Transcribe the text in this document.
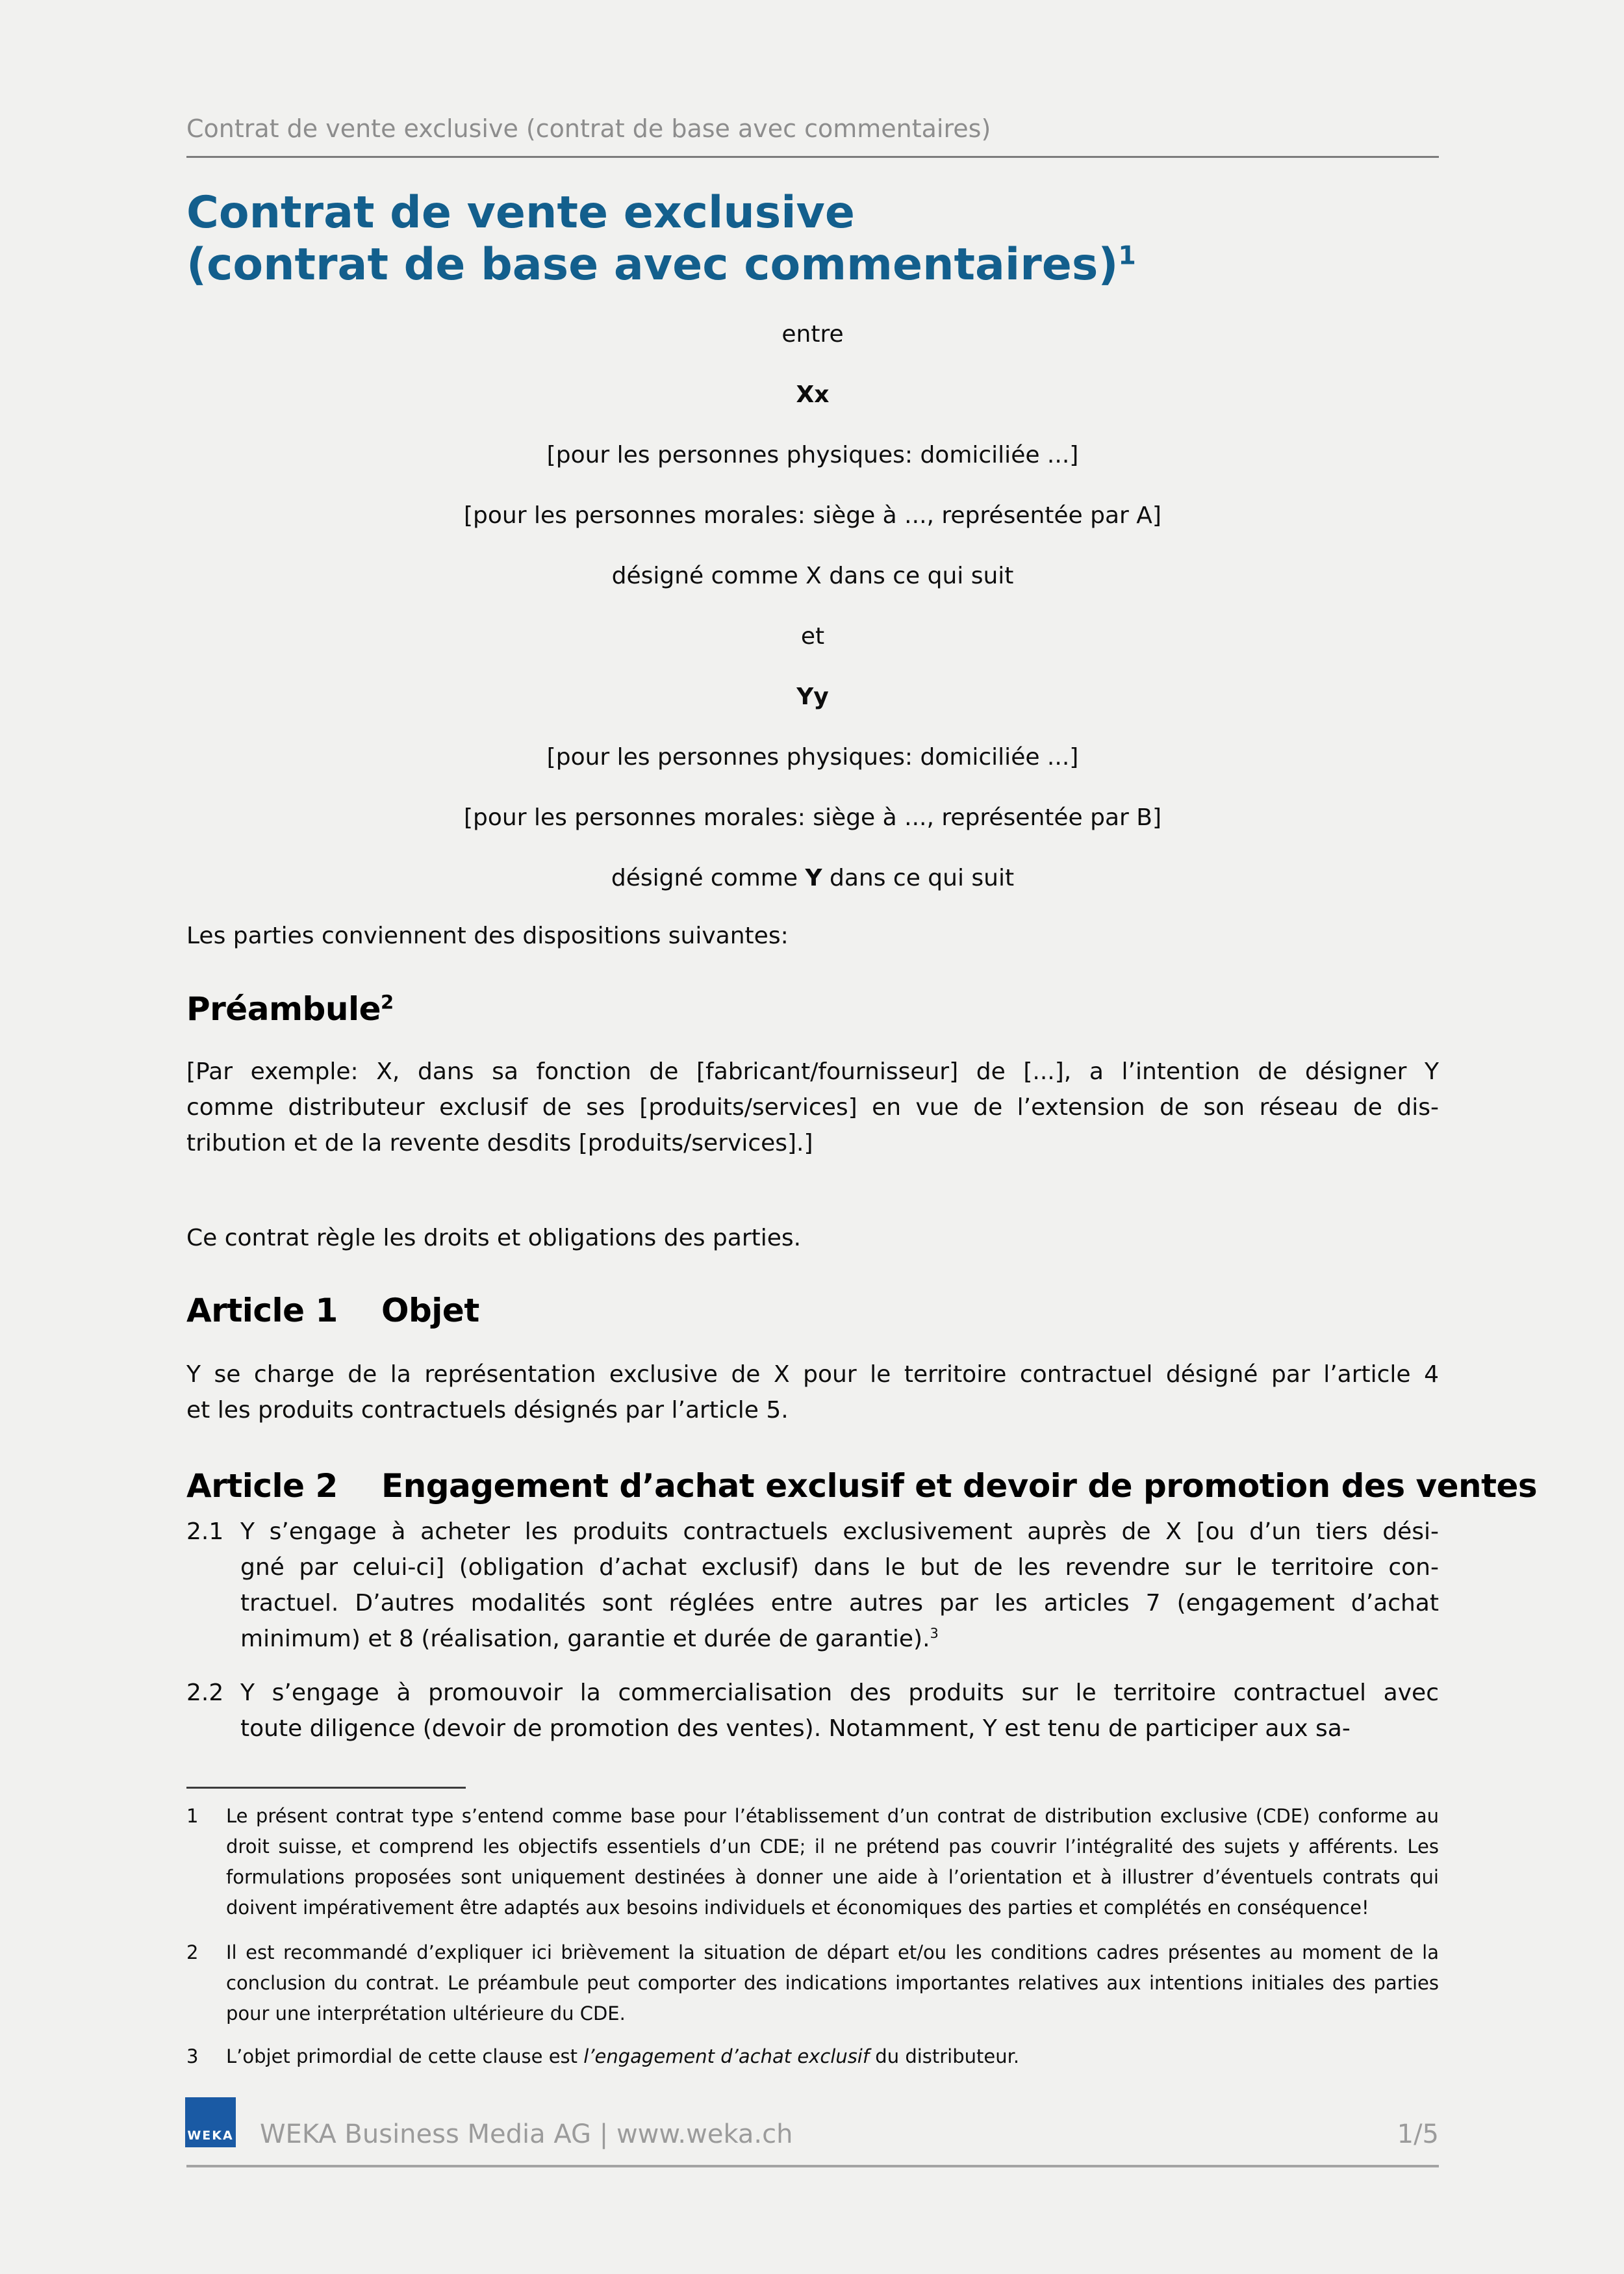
Contrat de vente exclusive (contrat de base avec commentaires)
Contrat de vente exclusive
(contrat de base avec commentaires)$^1$
entre
Xx
[pour les personnes physiques: domiciliée ...]
[pour les personnes morales: siège à ..., représentée par A]
désigné comme X dans ce qui suit
et
Yy
[pour les personnes physiques: domiciliée ...]
[pour les personnes morales: siège à ..., représentée par B]
désigné comme Y dans ce qui suit
Les parties conviennent des dispositions suivantes:
Préambule$^2$
[Par exemple: X, dans sa fonction de [fabricant/fournisseur] de [...], a l’intention de désigner Y
comme distributeur exclusif de ses [produits/services] en vue de l’extension de son réseau de dis-
tribution et de la revente desdits [produits/services].]
Ce contrat règle les droits et obligations des parties.
Article 1 Objet
Y se charge de la représentation exclusive de X pour le territoire contractuel désigné par l’article 4
et les produits contractuels désignés par l’article 5.
Article 2 Engagement d’achat exclusif et devoir de promotion des ventes
2.1 Y s’engage à acheter les produits contractuels exclusivement auprès de X [ou d’un tiers dési-
gné par celui-ci] (obligation d’achat exclusif) dans le but de les revendre sur le territoire con-
tractuel. D’autres modalités sont réglées entre autres par les articles 7 (engagement d’achat
minimum) et 8 (réalisation, garantie et durée de garantie).$^3$
2.2 Y s’engage à promouvoir la commercialisation des produits sur le territoire contractuel avec
toute diligence (devoir de promotion des ventes). Notamment, Y est tenu de participer aux sa-
1 Le présent contrat type s’entend comme base pour l’établissement d’un contrat de distribution exclusive (CDE) conforme au
droit suisse, et comprend les objectifs essentiels d’un CDE; il ne prétend pas couvrir l’intégralité des sujets y afférents. Les
formulations proposées sont uniquement destinées à donner une aide à l’orientation et à illustrer d’éventuels contrats qui
doivent impérativement être adaptés aux besoins individuels et économiques des parties et complétés en conséquence!
2 Il est recommandé d’expliquer ici brièvement la situation de départ et/ou les conditions cadres présentes au moment de la
conclusion du contrat. Le préambule peut comporter des indications importantes relatives aux intentions initiales des parties
pour une interprétation ultérieure du CDE.
3 L’objet primordial de cette clause est l’engagement d’achat exclusif du distributeur.
WEKA WEKA Business Media AG | www.weka.ch	1/5
